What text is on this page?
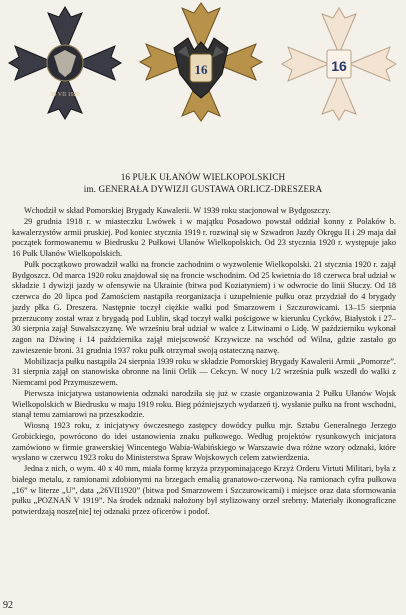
16 VII 1920
16	16
16 PUŁK UŁANÓW WIELKOPOLSKICH
im. GENERAŁA DYWIZJI GUSTAWA ORLICZ-DRESZERA

Wchodził w skład Pomorskiej Brygady Kawalerii. W 1939 roku stacjonował w Bydgoszczy.

29 grudnia 1918 r. w miasteczku Lwówek i w majątku Posadowo powstał oddział konny z Polaków b. kawalerzystów armii pruskiej. Pod koniec stycznia 1919 r. rozwinął się w Szwadron Jazdy Okręgu II i 29 maja dał początek formowanemu w Biedrusku 2 Pułkowi Ułanów Wielkopolskich. Od 23 stycznia 1920 r. występuje jako 16 Pułk Ułanów Wielkopolskich.

Pułk początkowo prowadził walki na froncie zachodnim o wyzwolenie Wielkopolski. 21 stycznia 1920 r. zajął Bydgoszcz. Od marca 1920 roku znajdował się na froncie wschodnim. Od 25 kwietnia do 18 czerwca brał udział w składzie 1 dywizji jazdy w ofensywie na Ukrainie (bitwa pod Koziatyniem) i w odwrocie do linii Słuczy. Od 18 czerwca do 20 lipca pod Zamościem nastąpiła reorganizacja i uzupełnienie pułku oraz przydział do 4 brygady jazdy płka G. Dreszera. Następnie toczył ciężkie walki pod Smarzowem i Szczurowicami. 13–15 sierpnia przerzucony został wraz z brygadą pod Lublin, skąd toczył walki pościgowe w kierunku Cycków, Białystok i 27–30 sierpnia zajął Suwalszczyznę. We wrześniu brał udział w walce z Litwinami o Lidę. W październiku wykonał zagon na Dźwinę i 14 października zajął miejscowość Krzywicze na wschód od Wilna, gdzie zastało go zawieszenie broni. 31 grudnia 1937 roku pułk otrzymał swoją ostateczną nazwę.

Mobilizacja pułku nastąpiła 24 sierpnia 1939 roku w składzie Pomorskiej Brygady Kawalerii Armii „Pomorze”. 31 sierpnia zajął on stanowiska obronne na linii Orlik — Cekcyn. W nocy 1/2 września pułk wszedł do walki z Niemcami pod Przymuszewem.

Pierwsza inicjatywa ustanowienia odznaki narodziła się już w czasie organizowania 2 Pułku Ułanów Wojsk Wielkopolskich w Biedrusku w maju 1919 roku. Bieg późniejszych wydarzeń tj. wysłanie pułku na front wschodni, stanął temu zamiarowi na przeszkodzie.

Wiosną 1923 roku, z inicjatywy ówczesnego zastępcy dowódcy pułku mjr. Sztabu Generalnego Jerzego Grobickiego, powrócono do idei ustanowienia znaku pułkowego. Według projektów rysunkowych inicjatora zamówiono w firmie grawerskiej Wincentego Wabia-Wabińskiego w Warszawie dwa różne wzory odznaki, które wysłano w czerwcu 1923 roku do Ministerstwa Spraw Wojskowych celem zatwierdzenia.

Jedna z nich, o wym. 40 x 40 mm, miała formę krzyża przypominającego Krzyż Orderu Virtuti Militari, była z białego metalu, z ramionami zdobionymi na brzegach emalią granatowo-czerwoną. Na ramionach cyfra pułkowa „16” w literze „U”, data „26VII1920” (bitwa pod Smarzowem i Szczurowicami) i miejsce oraz data sformowania pułku „POZNAŃ V 1919”. Na środek odznaki nałożony był stylizowany orzeł srebrny. Materiały ikonograficzne potwierdzają nosze[nie] tej odznaki przez oficerów i podof.

92
